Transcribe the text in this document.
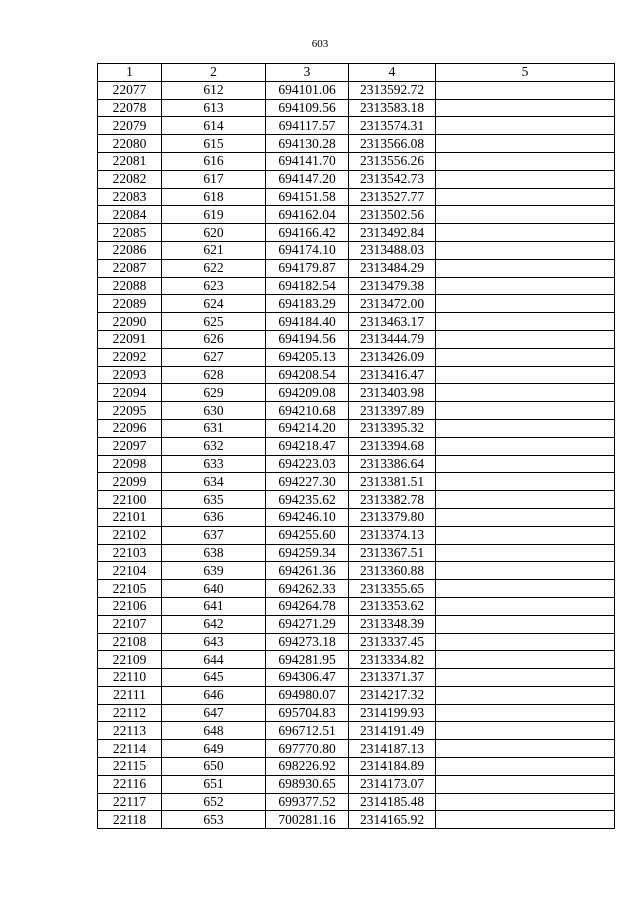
603
1	2	3	4	5
22077	612	694101.06	2313592.72	
22078	613	694109.56	2313583.18	
22079	614	694117.57	2313574.31	
22080	615	694130.28	2313566.08	
22081	616	694141.70	2313556.26	
22082	617	694147.20	2313542.73	
22083	618	694151.58	2313527.77	
22084	619	694162.04	2313502.56	
22085	620	694166.42	2313492.84	
22086	621	694174.10	2313488.03	
22087	622	694179.87	2313484.29	
22088	623	694182.54	2313479.38	
22089	624	694183.29	2313472.00	
22090	625	694184.40	2313463.17	
22091	626	694194.56	2313444.79	
22092	627	694205.13	2313426.09	
22093	628	694208.54	2313416.47	
22094	629	694209.08	2313403.98	
22095	630	694210.68	2313397.89	
22096	631	694214.20	2313395.32	
22097	632	694218.47	2313394.68	
22098	633	694223.03	2313386.64	
22099	634	694227.30	2313381.51	
22100	635	694235.62	2313382.78	
22101	636	694246.10	2313379.80	
22102	637	694255.60	2313374.13	
22103	638	694259.34	2313367.51	
22104	639	694261.36	2313360.88	
22105	640	694262.33	2313355.65	
22106	641	694264.78	2313353.62	
22107	642	694271.29	2313348.39	
22108	643	694273.18	2313337.45	
22109	644	694281.95	2313334.82	
22110	645	694306.47	2313371.37	
22111	646	694980.07	2314217.32	
22112	647	695704.83	2314199.93	
22113	648	696712.51	2314191.49	
22114	649	697770.80	2314187.13	
22115	650	698226.92	2314184.89	
22116	651	698930.65	2314173.07	
22117	652	699377.52	2314185.48	
22118	653	700281.16	2314165.92	
